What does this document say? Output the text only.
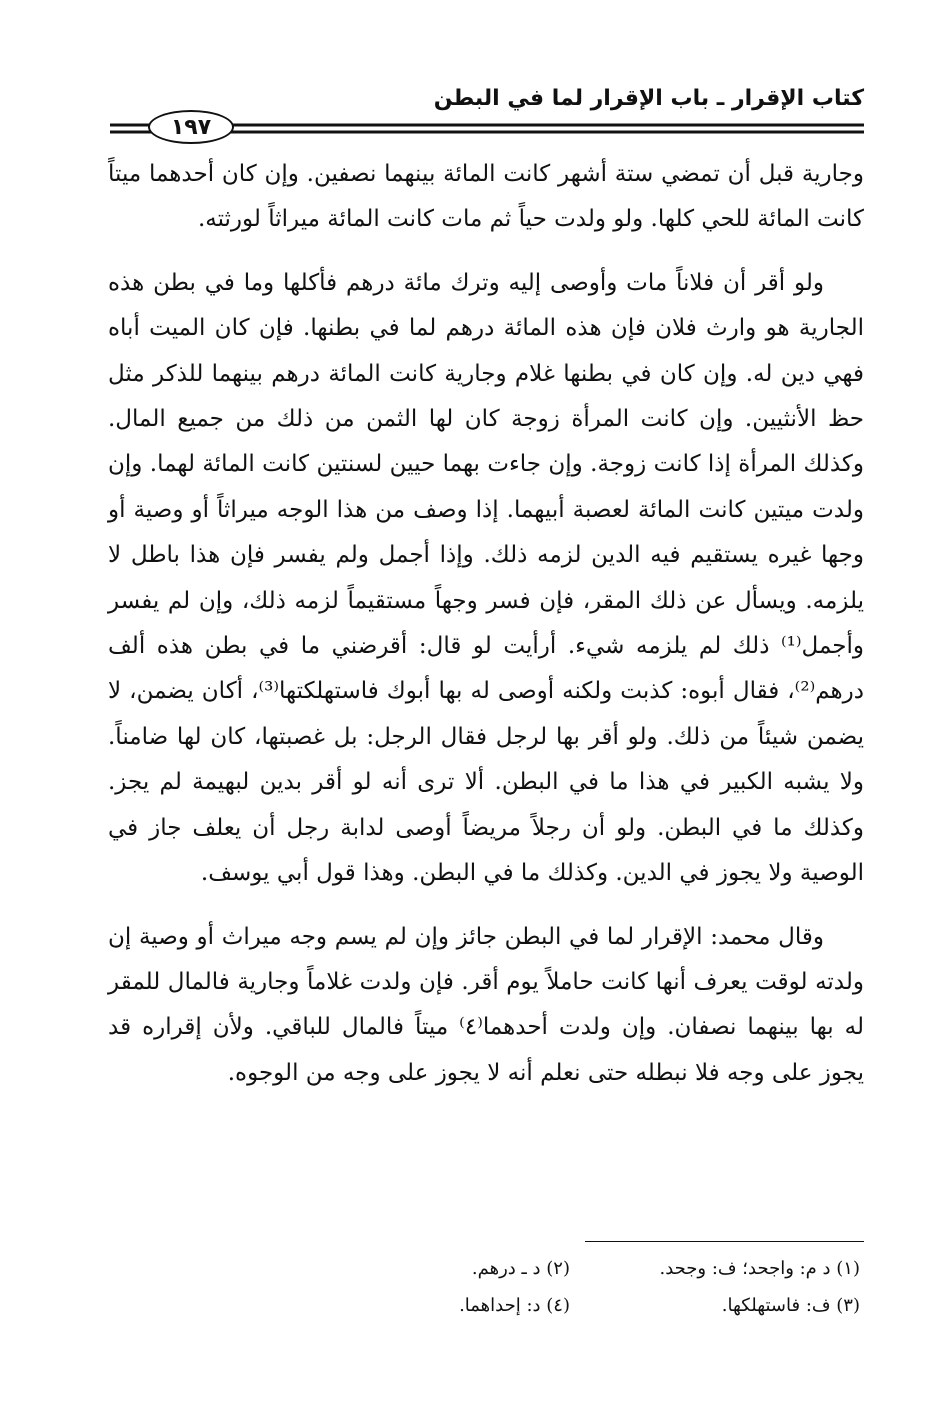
كتاب الإقرار ـ باب الإقرار لما في البطن
١٩٧

وجارية قبل أن تمضي ستة أشهر كانت المائة بينهما نصفين. وإن كان أحدهما ميتاً كانت المائة للحي كلها. ولو ولدت حياً ثم مات كانت المائة ميراثاً لورثته.

ولو أقر أن فلاناً مات وأوصى إليه وترك مائة درهم فأكلها وما في بطن هذه الجارية هو وارث فلان فإن هذه المائة درهم لما في بطنها. فإن كان الميت أباه فهي دين له. وإن كان في بطنها غلام وجارية كانت المائة درهم بينهما للذكر مثل حظ الأنثيين. وإن كانت المرأة زوجة كان لها الثمن من ذلك من جميع المال. وكذلك المرأة إذا كانت زوجة. وإن جاءت بهما حيين لسنتين كانت المائة لهما. وإن ولدت ميتين كانت المائة لعصبة أبيهما. إذا وصف من هذا الوجه ميراثاً أو وصية أو وجها غيره يستقيم فيه الدين لزمه ذلك. وإذا أجمل ولم يفسر فإن هذا باطل لا يلزمه. ويسأل عن ذلك المقر، فإن فسر وجهاً مستقيماً لزمه ذلك، وإن لم يفسر وأجمل⁽¹⁾ ذلك لم يلزمه شيء. أرأيت لو قال: أقرضني ما في بطن هذه ألف درهم⁽²⁾، فقال أبوه: كذبت ولكنه أوصى له بها أبوك فاستهلكتها⁽³⁾، أكان يضمن، لا يضمن شيئاً من ذلك. ولو أقر بها لرجل فقال الرجل: بل غصبتها، كان لها ضامناً. ولا يشبه الكبير في هذا ما في البطن. ألا ترى أنه لو أقر بدين لبهيمة لم يجز. وكذلك ما في البطن. ولو أن رجلاً مريضاً أوصى لدابة رجل أن يعلف جاز في الوصية ولا يجوز في الدين. وكذلك ما في البطن. وهذا قول أبي يوسف.

وقال محمد: الإقرار لما في البطن جائز وإن لم يسم وجه ميراث أو وصية إن ولدته لوقت يعرف أنها كانت حاملاً يوم أقر. فإن ولدت غلاماً وجارية فالمال للمقر له بها بينهما نصفان. وإن ولدت أحدهما⁽٤⁾ ميتاً فالمال للباقي. ولأن إقراره قد يجوز على وجه فلا نبطله حتى نعلم أنه لا يجوز على وجه من الوجوه.

(١) د م: واجحد؛ ف: وجحد.
(٢) د ـ درهم.
(٣) ف: فاستهلكها.
(٤) د: إحداهما.
